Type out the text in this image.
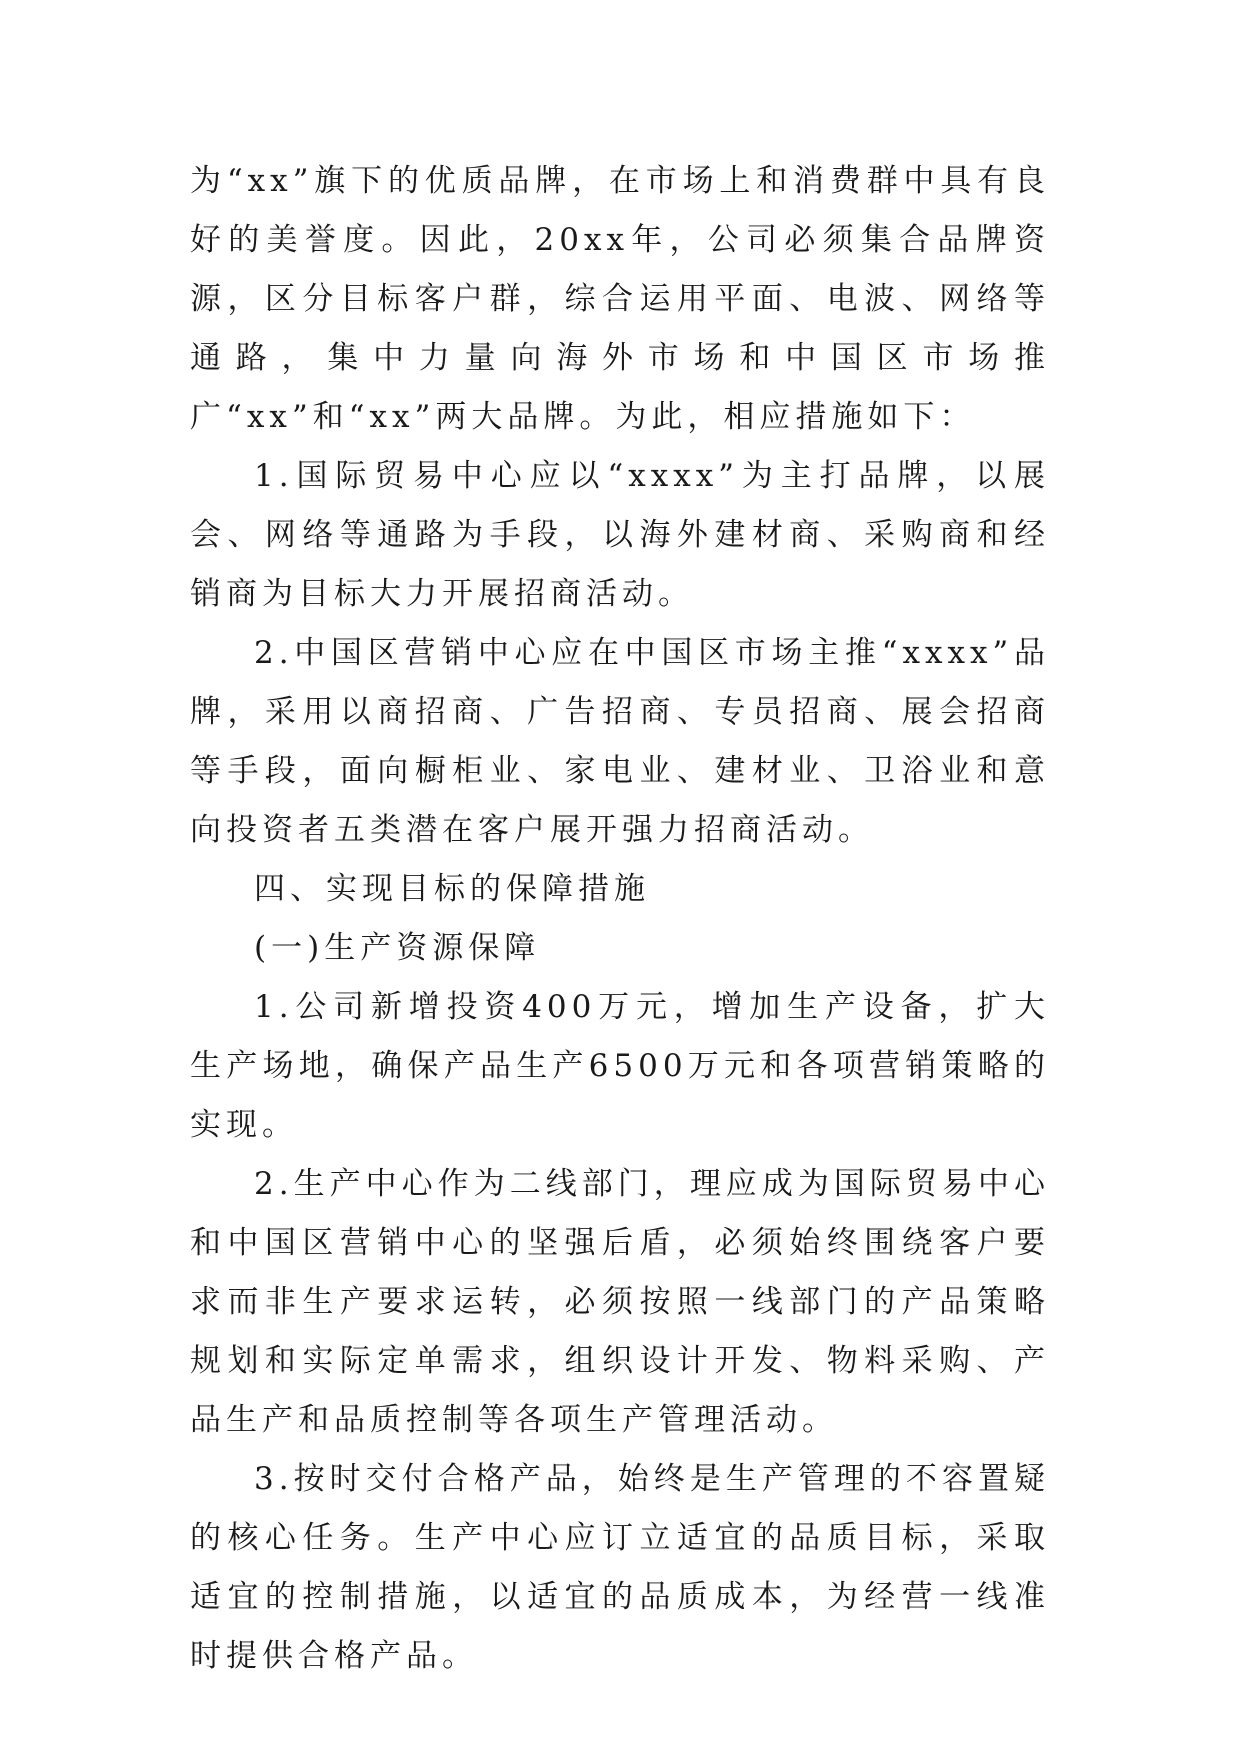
为“xx”旗下的优质品牌，在市场上和消费群中具有良好的美誉度。因此，20xx年，公司必须集合品牌资源，区分目标客户群，综合运用平面、电波、网络等通路，集中力量向海外市场和中国区市场推广“xx”和“xx”两大品牌。为此，相应措施如下：

1.国际贸易中心应以“xxxx”为主打品牌，以展会、网络等通路为手段，以海外建材商、采购商和经销商为目标大力开展招商活动。

2.中国区营销中心应在中国区市场主推“xxxx”品牌，采用以商招商、广告招商、专员招商、展会招商等手段，面向橱柜业、家电业、建材业、卫浴业和意向投资者五类潜在客户展开强力招商活动。

四、实现目标的保障措施

(一)生产资源保障

1.公司新增投资400万元，增加生产设备，扩大生产场地，确保产品生产6500万元和各项营销策略的实现。

2.生产中心作为二线部门，理应成为国际贸易中心和中国区营销中心的坚强后盾，必须始终围绕客户要求而非生产要求运转，必须按照一线部门的产品策略规划和实际定单需求，组织设计开发、物料采购、产品生产和品质控制等各项生产管理活动。

3.按时交付合格产品，始终是生产管理的不容置疑的核心任务。生产中心应订立适宜的品质目标，采取适宜的控制措施，以适宜的品质成本，为经营一线准时提供合格产品。
